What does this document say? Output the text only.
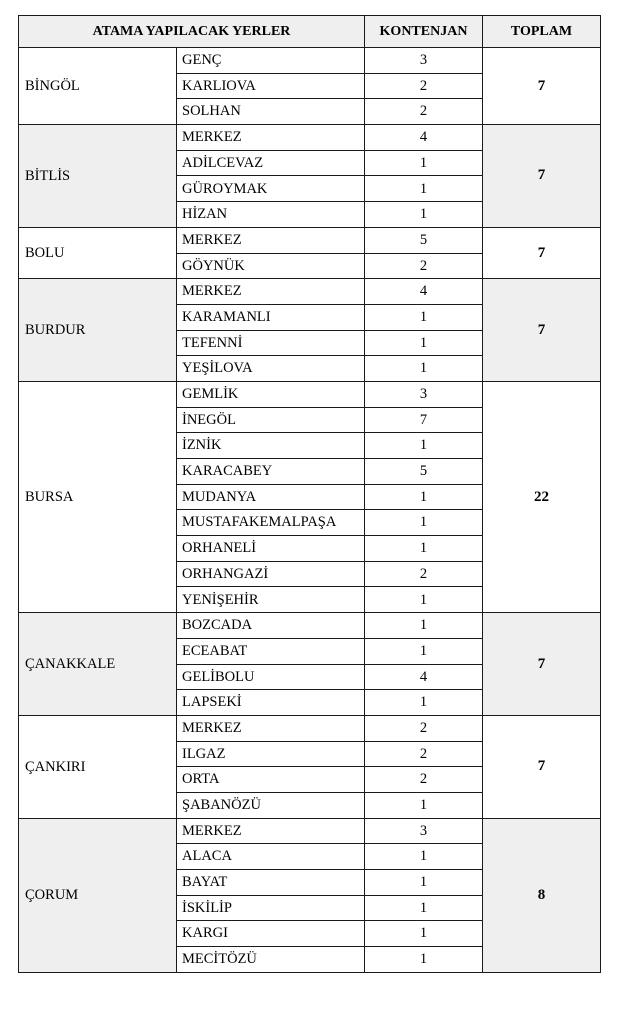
ATAMA YAPILACAK YERLER		KONTENJAN	TOPLAM
BİNGÖL	GENÇ	3	7
	KARLIOVA	2	
	SOLHAN	2	
BİTLİS	MERKEZ	4	7
	ADİLCEVAZ	1	
	GÜROYMAK	1	
	HİZAN	1	
BOLU	MERKEZ	5	7
	GÖYNÜK	2	
BURDUR	MERKEZ	4	7
	KARAMANLI	1	
	TEFENNİ	1	
	YEŞİLOVA	1	
BURSA	GEMLİK	3	22
	İNEGÖL	7	
	İZNİK	1	
	KARACABEY	5	
	MUDANYA	1	
	MUSTAFAKEMALPAŞA	1	
	ORHANELİ	1	
	ORHANGAZİ	2	
	YENİŞEHİR	1	
ÇANAKKALE	BOZCADA	1	7
	ECEABAT	1	
	GELİBOLU	4	
	LAPSEKİ	1	
ÇANKIRI	MERKEZ	2	7
	ILGAZ	2	
	ORTA	2	
	ŞABANÖZÜ	1	
ÇORUM	MERKEZ	3	8
	ALACA	1	
	BAYAT	1	
	İSKİLİP	1	
	KARGI	1	
	MECİTÖZÜ	1	
